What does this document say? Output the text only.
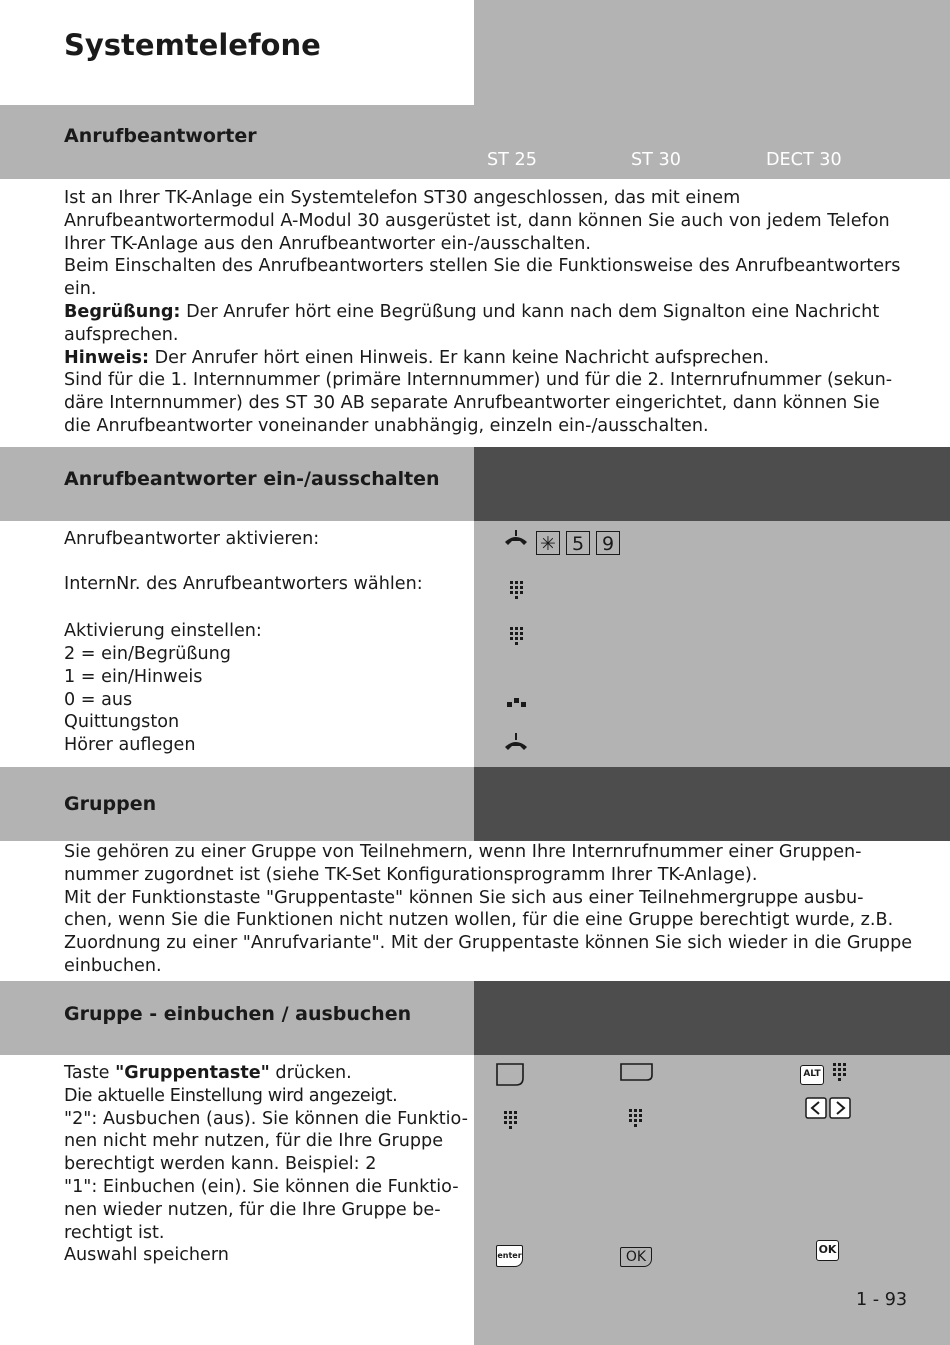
Systemtelefone
Anrufbeantworter
ST 25	ST 30	DECT 30

Ist an Ihrer TK-Anlage ein Systemtelefon ST30 angeschlossen, das mit einem

Anrufbeantwortermodul A-Modul 30 ausgerüstet ist, dann können Sie auch von jedem Telefon

Ihrer TK-Anlage aus den Anrufbeantworter ein-/ausschalten.

Beim Einschalten des Anrufbeantworters stellen Sie die Funktionsweise des Anrufbeantworters

ein.

Begrüßung: Der Anrufer hört eine Begrüßung und kann nach dem Signalton eine Nachricht

aufsprechen.

Hinweis: Der Anrufer hört einen Hinweis. Er kann keine Nachricht aufsprechen.

Sind für die 1. Internnummer (primäre Internnummer) und für die 2. Internrufnummer (sekun-

däre Internnummer) des ST 30 AB separate Anrufbeantworter eingerichtet, dann können Sie

die Anrufbeantworter voneinander unabhängig, einzeln ein-/ausschalten.

Anrufbeantworter ein-/ausschalten
Anrufbeantworter aktivieren:
InternNr. des Anrufbeantworters wählen:
Aktivierung einstellen:
2 = ein/Begrüßung
1 = ein/Hinweis
0 = aus
Quittungston
Hörer auflegen
✳ 5 9
Gruppen

Sie gehören zu einer Gruppe von Teilnehmern, wenn Ihre Internrufnummer einer Gruppen-

nummer zugordnet ist (siehe TK-Set Konfigurationsprogramm Ihrer TK-Anlage).

Mit der Funktionstaste "Gruppentaste" können Sie sich aus einer Teilnehmergruppe ausbu-

chen, wenn Sie die Funktionen nicht nutzen wollen, für die eine Gruppe berechtigt wurde, z.B.

Zuordnung zu einer "Anrufvariante". Mit der Gruppentaste können Sie sich wieder in die Gruppe

einbuchen.

Gruppe - einbuchen / ausbuchen

Taste "Gruppentaste" drücken.

Die aktuelle Einstellung wird angezeigt.

"2": Ausbuchen (aus). Sie können die Funktio-

nen nicht mehr nutzen, für die Ihre Gruppe

berechtigt werden kann. Beispiel: 2

"1": Einbuchen (ein). Sie können die Funktio-

nen wieder nutzen, für die Ihre Gruppe be-

rechtigt ist.

Auswahl speichern

ALT
enter	OK	OK
1 - 93
